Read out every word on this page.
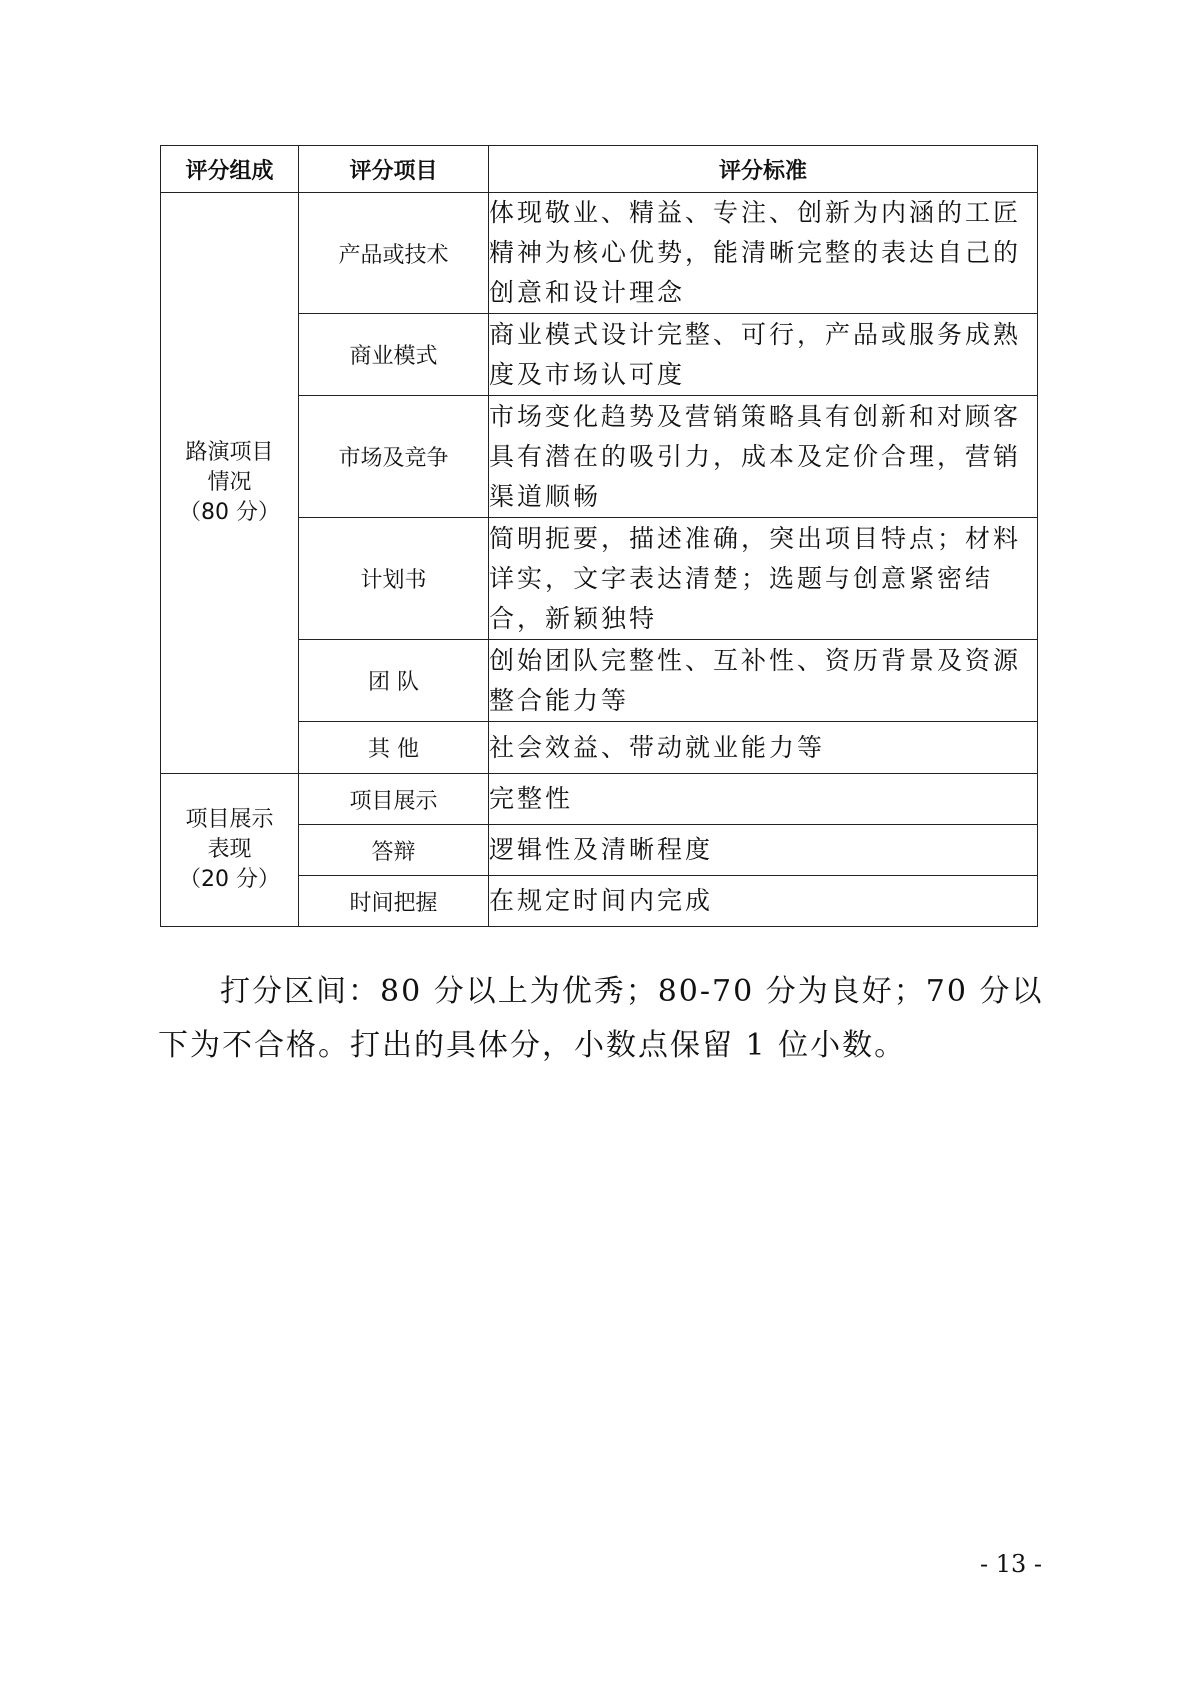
评分组成	评分项目	评分标准

路演项目
情况
（80 分）	产品或技术	体现敬业、精益、专注、创新为内涵的工匠精神为核心优势，能清晰完整的表达自己的创意和设计理念
	商业模式	商业模式设计完整、可行，产品或服务成熟度及市场认可度
	市场及竞争	市场变化趋势及营销策略具有创新和对顾客具有潜在的吸引力，成本及定价合理，营销渠道顺畅
	计划书	简明扼要，描述准确，突出项目特点；材料详实，文字表达清楚；选题与创意紧密结合，新颖独特
	团 队	创始团队完整性、互补性、资历背景及资源整合能力等
	其 他	社会效益、带动就业能力等

项目展示
表现
（20 分）	项目展示	完整性
	答辩	逻辑性及清晰程度
	时间把握	在规定时间内完成

打分区间：80 分以上为优秀；80-70 分为良好；70 分以下为不合格。打出的具体分，小数点保留 1 位小数。

- 13 -
